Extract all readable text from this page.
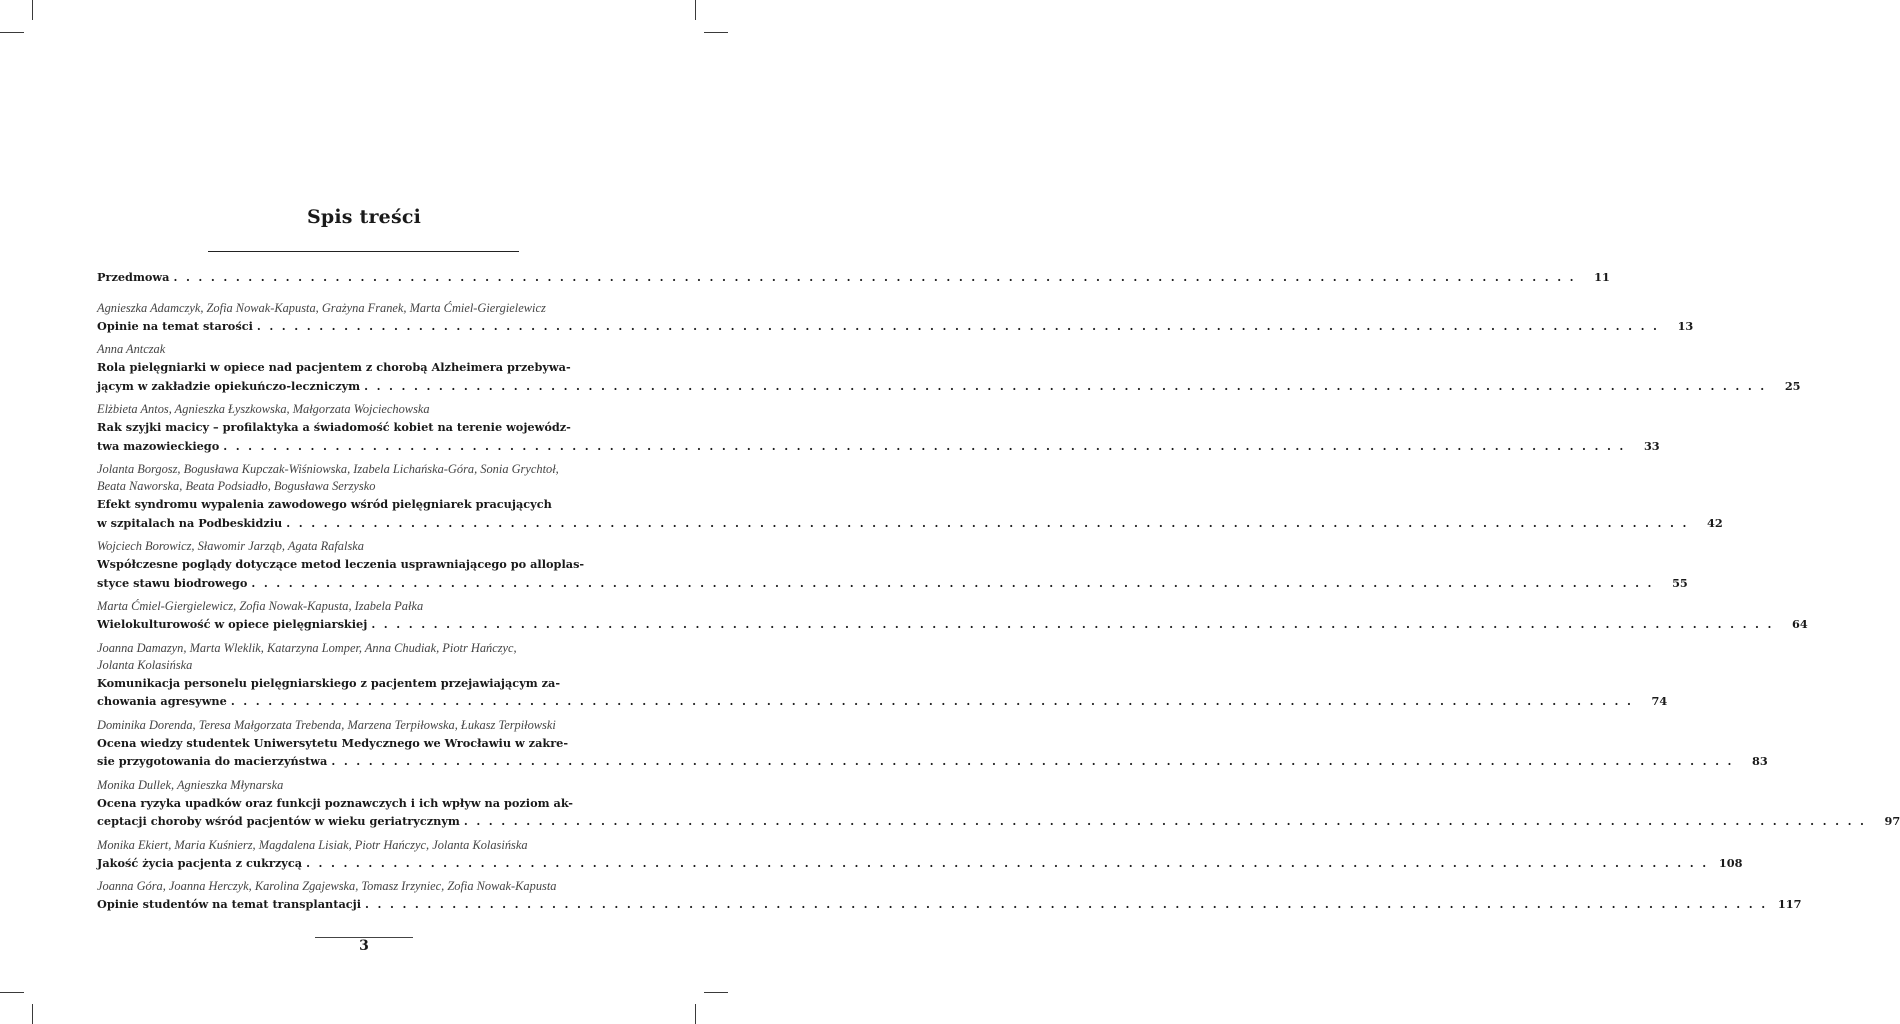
Spis treści
Przedmowa . . . . . . . . . . . . . . . . . . . . . . . . . . . . . . . . . . . . . . . . . . . . . . . . . . . . . . . . . . . . . . . . . . . . . . . . . . . . . . . . . . . . . . . . . . . . . . . . . . . . . . . . . . . . . . . . .	11
Agnieszka Adamczyk, Zofia Nowak-Kapusta, Grażyna Franek, Marta Ćmiel-Giergielewicz
Opinie na temat starości . . . . . . . . . . . . . . . . . . . . . . . . . . . . . . . . . . . . . . . . . . . . . . . . . . . . . . . . . . . . . . . . . . . . . . . . . . . . . . . . . . . . . . . . . . . . . . . . . . . . . . . . . . . . . . . . .	13
Anna Antczak
Rola pielęgniarki w opiece nad pacjentem z chorobą Alzheimera przebywa-
jącym w zakładzie opiekuńczo-leczniczym . . . . . . . . . . . . . . . . . . . . . . . . . . . . . . . . . . . . . . . . . . . . . . . . . . . . . . . . . . . . . . . . . . . . . . . . . . . . . . . . . . . . . . . . . . . . . . . . . . . . . . . . . . . . . . . . .	25
Elżbieta Antos, Agnieszka Łyszkowska, Małgorzata Wojciechowska
Rak szyjki macicy – profilaktyka a świadomość kobiet na terenie wojewódz-
twa mazowieckiego . . . . . . . . . . . . . . . . . . . . . . . . . . . . . . . . . . . . . . . . . . . . . . . . . . . . . . . . . . . . . . . . . . . . . . . . . . . . . . . . . . . . . . . . . . . . . . . . . . . . . . . . . . . . . . . . .	33
Jolanta Borgosz, Bogusława Kupczak-Wiśniowska, Izabela Lichańska-Góra, Sonia Grychtoł,
Beata Naworska, Beata Podsiadło, Bogusława Serzysko
Efekt syndromu wypalenia zawodowego wśród pielęgniarek pracujących
w szpitalach na Podbeskidziu . . . . . . . . . . . . . . . . . . . . . . . . . . . . . . . . . . . . . . . . . . . . . . . . . . . . . . . . . . . . . . . . . . . . . . . . . . . . . . . . . . . . . . . . . . . . . . . . . . . . . . . . . . . . . . . . .	42
Wojciech Borowicz, Sławomir Jarząb, Agata Rafalska
Współczesne poglądy dotyczące metod leczenia usprawniającego po alloplas-
styce stawu biodrowego . . . . . . . . . . . . . . . . . . . . . . . . . . . . . . . . . . . . . . . . . . . . . . . . . . . . . . . . . . . . . . . . . . . . . . . . . . . . . . . . . . . . . . . . . . . . . . . . . . . . . . . . . . . . . . . . .	55
Marta Ćmiel-Giergielewicz, Zofia Nowak-Kapusta, Izabela Pałka
Wielokulturowość w opiece pielęgniarskiej . . . . . . . . . . . . . . . . . . . . . . . . . . . . . . . . . . . . . . . . . . . . . . . . . . . . . . . . . . . . . . . . . . . . . . . . . . . . . . . . . . . . . . . . . . . . . . . . . . . . . . . . . . . . . . . . .	64
Joanna Damazyn, Marta Wleklik, Katarzyna Lomper, Anna Chudiak, Piotr Hańczyc,
Jolanta Kolasińska
Komunikacja personelu pielęgniarskiego z pacjentem przejawiającym za-
chowania agresywne . . . . . . . . . . . . . . . . . . . . . . . . . . . . . . . . . . . . . . . . . . . . . . . . . . . . . . . . . . . . . . . . . . . . . . . . . . . . . . . . . . . . . . . . . . . . . . . . . . . . . . . . . . . . . . . . .	74
Dominika Dorenda, Teresa Małgorzata Trebenda, Marzena Terpiłowska, Łukasz Terpiłowski
Ocena wiedzy studentek Uniwersytetu Medycznego we Wrocławiu w zakre-
sie przygotowania do macierzyństwa . . . . . . . . . . . . . . . . . . . . . . . . . . . . . . . . . . . . . . . . . . . . . . . . . . . . . . . . . . . . . . . . . . . . . . . . . . . . . . . . . . . . . . . . . . . . . . . . . . . . . . . . . . . . . . . . .	83
Monika Dullek, Agnieszka Młynarska
Ocena ryzyka upadków oraz funkcji poznawczych i ich wpływ na poziom ak-
ceptacji choroby wśród pacjentów w wieku geriatrycznym . . . . . . . . . . . . . . . . . . . . . . . . . . . . . . . . . . . . . . . . . . . . . . . . . . . . . . . . . . . . . . . . . . . . . . . . . . . . . . . . . . . . . . . . . . . . . . . . . . . . . . . . . . . . . . . . .	97
Monika Ekiert, Maria Kuśnierz, Magdalena Lisiak, Piotr Hańczyc, Jolanta Kolasińska
Jakość życia pacjenta z cukrzycą . . . . . . . . . . . . . . . . . . . . . . . . . . . . . . . . . . . . . . . . . . . . . . . . . . . . . . . . . . . . . . . . . . . . . . . . . . . . . . . . . . . . . . . . . . . . . . . . . . . . . . . . . . . . . . . . . 108
Joanna Góra, Joanna Herczyk, Karolina Zgajewska, Tomasz Irzyniec, Zofia Nowak-Kapusta
Opinie studentów na temat transplantacji . . . . . . . . . . . . . . . . . . . . . . . . . . . . . . . . . . . . . . . . . . . . . . . . . . . . . . . . . . . . . . . . . . . . . . . . . . . . . . . . . . . . . . . . . . . . . . . . . . . . . . . . . . . . . . . . . 117
3
